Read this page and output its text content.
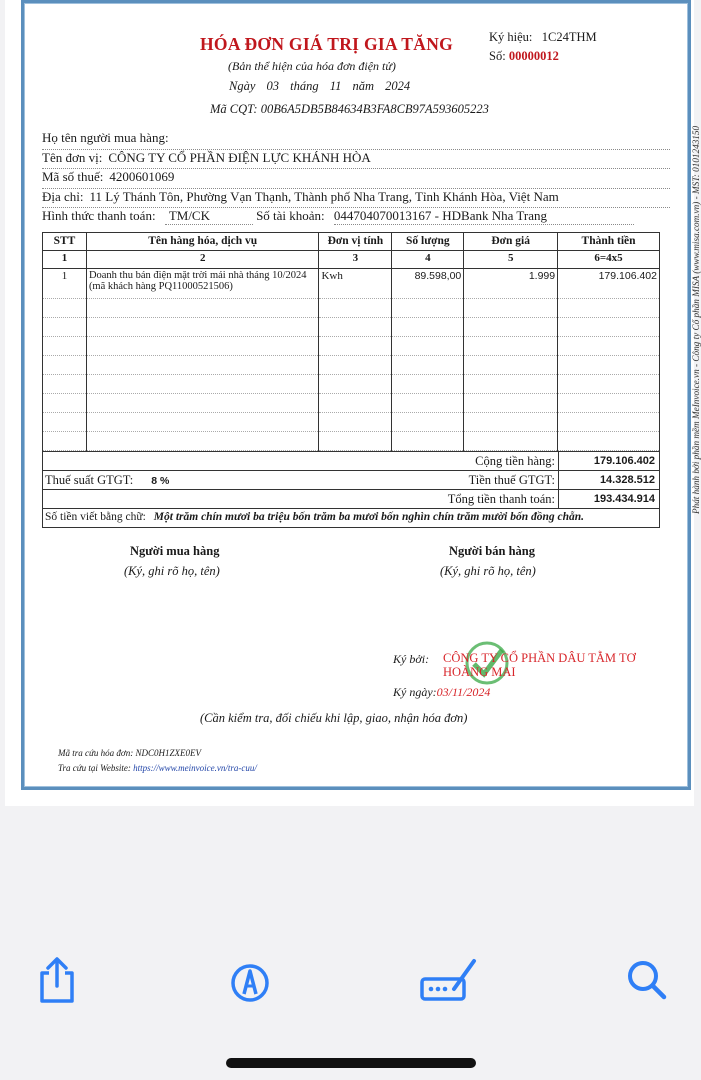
Phát hành bởi phần mềm MeInvoice.vn - Công ty Cổ phần MISA (www.misa.com.vn) - MST: 0101243150
HÓA ĐƠN GIÁ TRỊ GIA TĂNG
(Bản thể hiện của hóa đơn điện tử)
Ngày 03 tháng 11 năm 2024
Mã CQT: 00B6A5DB5B84634B3FA8CB97A593605223
Ký hiệu: 1C24THM
Số: 00000012
Họ tên người mua hàng:
Tên đơn vị: CÔNG TY CỔ PHẦN ĐIỆN LỰC KHÁNH HÒA
Mã số thuế: 4200601069
Địa chỉ: 11 Lý Thánh Tôn, Phường Vạn Thạnh, Thành phố Nha Trang, Tỉnh Khánh Hòa, Việt Nam
Hình thức thanh toán: TM/CK	Số tài khoản: 044704070013167 - HDBank Nha Trang
STT	Tên hàng hóa, dịch vụ	Đơn vị tính	Số lượng	Đơn giá	Thành tiền
1	2	3	4	5	6=4x5
1	Doanh thu bán điện mặt trời mái nhà tháng 10/2024 (mã khách hàng PQ11000521506)	Kwh	89.598,00	1.999	179.106.402

Cộng tiền hàng:	179.106.402
Thuế suất GTGT: 8 %	Tiền thuế GTGT:	14.328.512
Tổng tiền thanh toán:	193.434.914
Số tiền viết bằng chữ: Một trăm chín mươi ba triệu bốn trăm ba mươi bốn nghìn chín trăm mười bốn đồng chẵn.
Người mua hàng
(Ký, ghi rõ họ, tên)
Người bán hàng
(Ký, ghi rõ họ, tên)
Ký bởi: CÔNG TY CỔ PHẦN DÂU TẰM TƠ HOÀNG MAI
Ký ngày:03/11/2024
(Cần kiểm tra, đối chiếu khi lập, giao, nhận hóa đơn)
Mã tra cứu hóa đơn: NDC0H1ZXE0EV
Tra cứu tại Website: https://www.meinvoice.vn/tra-cuu/
